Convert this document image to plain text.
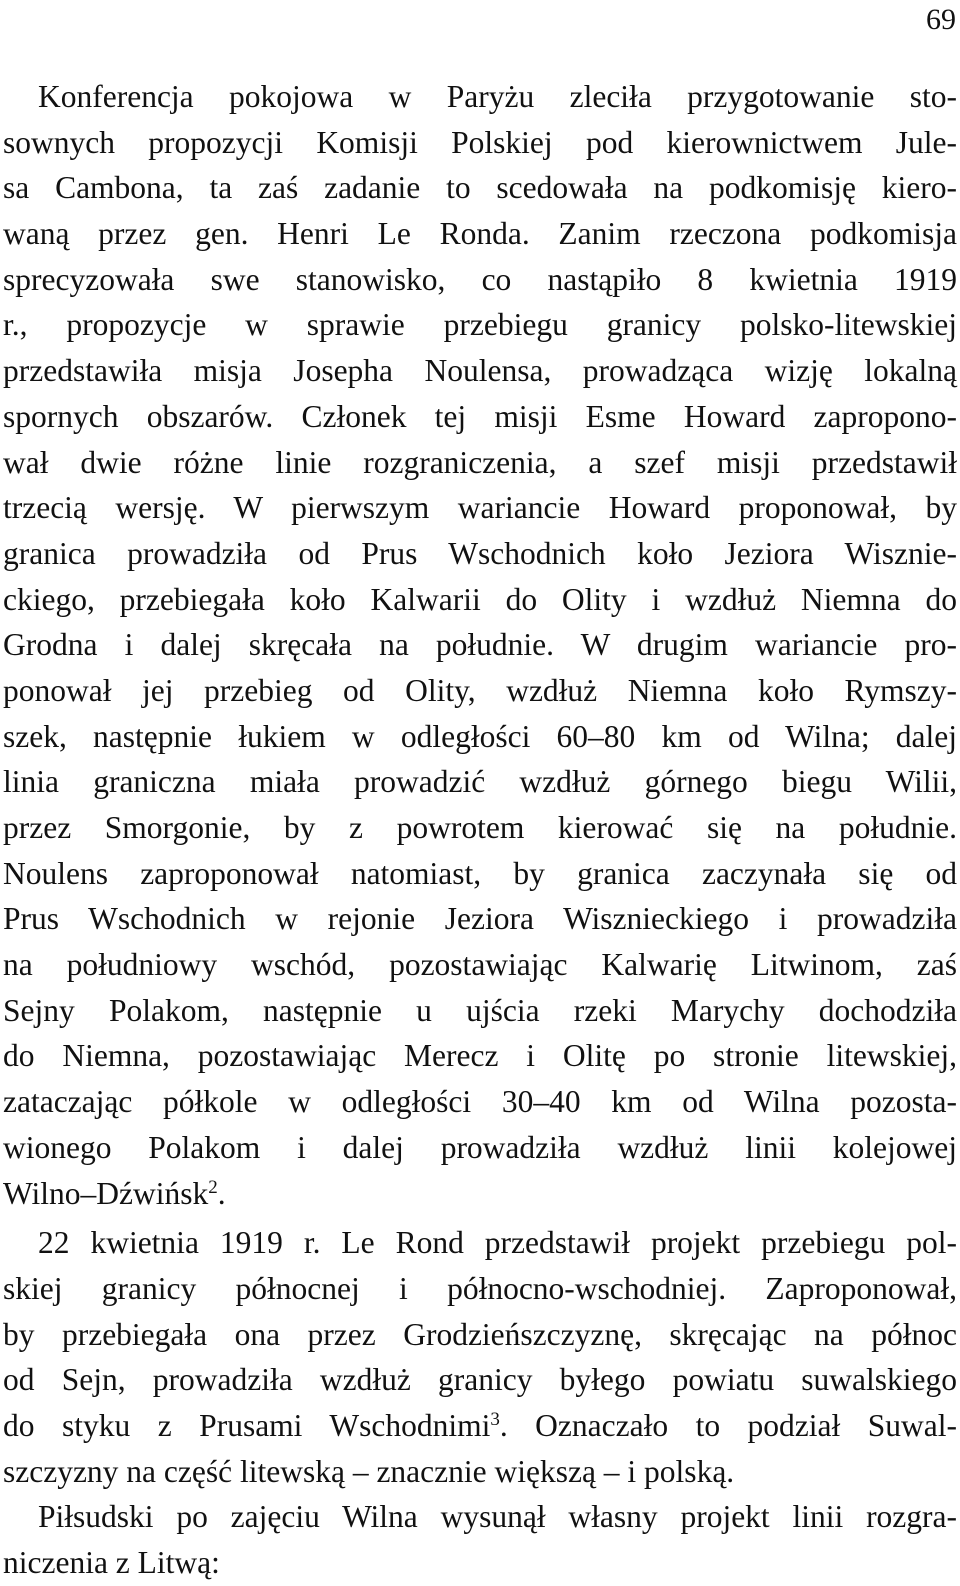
69
Konferencja pokojowa w Paryżu zleciła przygotowanie sto-
sownych propozycji Komisji Polskiej pod kierownictwem Jule-
sa Cambona, ta zaś zadanie to scedowała na podkomisję kiero-
waną przez gen. Henri Le Ronda. Zanim rzeczona podkomisja
sprecyzowała swe stanowisko, co nastąpiło 8 kwietnia 1919
r., propozycje w sprawie przebiegu granicy polsko-litewskiej
przedstawiła misja Josepha Noulensa, prowadząca wizję lokalną
spornych obszarów. Członek tej misji Esme Howard zapropono-
wał dwie różne linie rozgraniczenia, a szef misji przedstawił
trzecią wersję. W pierwszym wariancie Howard proponował, by
granica prowadziła od Prus Wschodnich koło Jeziora Wisznie-
ckiego, przebiegała koło Kalwarii do Olity i wzdłuż Niemna do
Grodna i dalej skręcała na południe. W drugim wariancie pro-
ponował jej przebieg od Olity, wzdłuż Niemna koło Rymszy-
szek, następnie łukiem w odległości 60–80 km od Wilna; dalej
linia graniczna miała prowadzić wzdłuż górnego biegu Wilii,
przez Smorgonie, by z powrotem kierować się na południe.
Noulens zaproponował natomiast, by granica zaczynała się od
Prus Wschodnich w rejonie Jeziora Wisznieckiego i prowadziła
na południowy wschód, pozostawiając Kalwarię Litwinom, zaś
Sejny Polakom, następnie u ujścia rzeki Marychy dochodziła
do Niemna, pozostawiając Merecz i Olitę po stronie litewskiej,
zataczając półkole w odległości 30–40 km od Wilna pozosta-
wionego Polakom i dalej prowadziła wzdłuż linii kolejowej
Wilno–Dźwińsk$^2$.
22 kwietnia 1919 r. Le Rond przedstawił projekt przebiegu pol-
skiej granicy północnej i północno-wschodniej. Zaproponował,
by przebiegała ona przez Grodzieńszczyznę, skręcając na północ
od Sejn, prowadziła wzdłuż granicy byłego powiatu suwalskiego
do styku z Prusami Wschodnimi$^3$. Oznaczało to podział Suwal-
szczyzny na część litewską – znacznie większą – i polską.
Piłsudski po zajęciu Wilna wysunął własny projekt linii rozgra-
niczenia z Litwą:
